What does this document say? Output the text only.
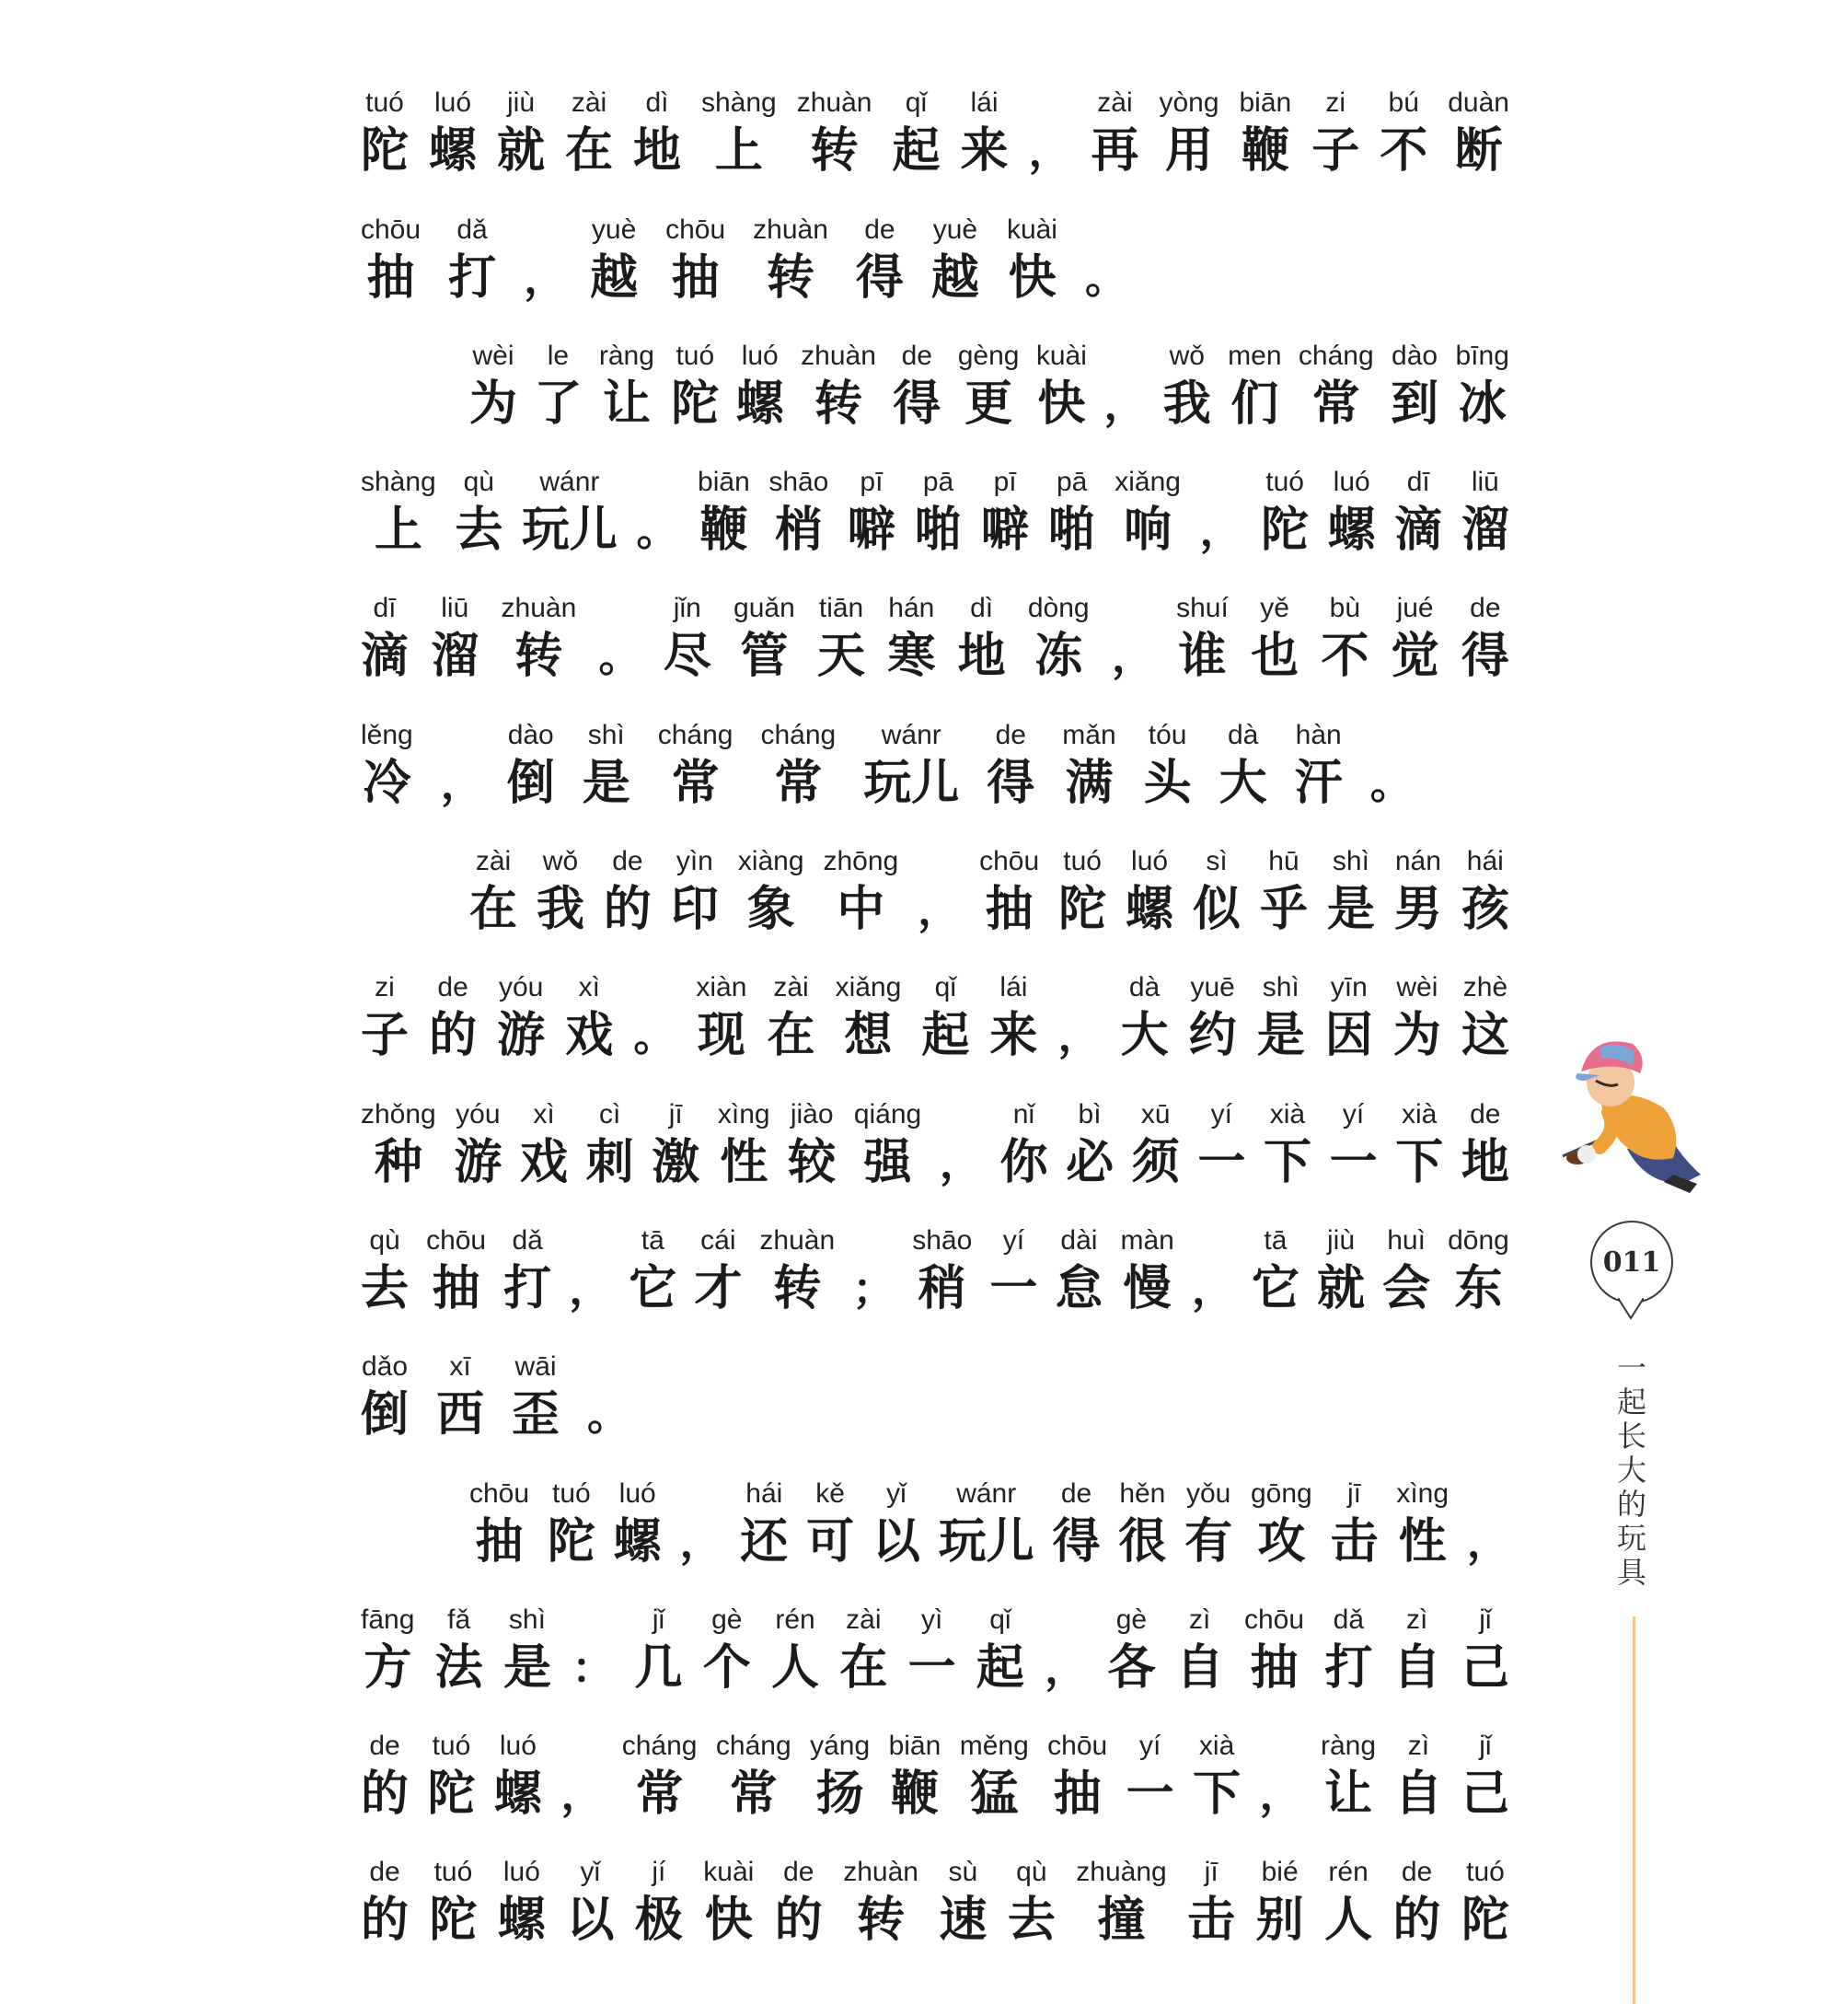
tuó
陀
luó
螺
jiù
就
zài
在
dì
地
shàng
上
zhuàn
转
qǐ
起
lái
来 ，
zài
再
yòng
用
biān
鞭
zi
子
bú
不
duàn
断
chōu
抽
dǎ
打 ，
yuè
越
chōu
抽
zhuàn
转
de
得
yuè
越
kuài
快 。
wèi
为
le
了
ràng
让
tuó
陀
luó
螺
zhuàn
转
de
得
gèng
更
kuài
快 ，
wǒ
我
men
们
cháng
常
dào
到
bīng
冰
shàng
上
qù
去
wánr
玩儿 。
biān
鞭
shāo
梢
pī
噼
pā
啪
pī
噼
pā
啪
xiǎng
响 ，
tuó
陀
luó
螺
dī
滴
liū
溜
dī
滴
liū
溜
zhuàn
转 。
jǐn
尽
guǎn
管
tiān
天
hán
寒
dì
地
dòng
冻 ，
shuí
谁
yě
也
bù
不
jué
觉
de
得
lěng
冷 ，
dào
倒
shì
是
cháng
常
cháng
常
wánr
玩儿
de
得
mǎn
满
tóu
头
dà
大
hàn
汗 。
zài
在
wǒ
我
de
的
yìn
印
xiàng
象
zhōng
中 ，
chōu
抽
tuó
陀
luó
螺
sì
似
hū
乎
shì
是
nán
男
hái
孩
zi
子
de
的
yóu
游
xì
戏 。
xiàn
现
zài
在
xiǎng
想
qǐ
起
lái
来 ，
dà
大
yuē
约
shì
是
yīn
因
wèi
为
zhè
这
zhǒng
种
yóu
游
xì
戏
cì
刺
jī
激
xìng
性
jiào
较
qiáng
强 ，
nǐ
你
bì
必
xū
须
yí
一
xià
下
yí
一
xià
下
de
地
qù
去
chōu
抽
dǎ
打 ，
tā
它
cái
才
zhuàn
转 ；
shāo
稍
yí
一
dài
怠
màn
慢 ，
tā
它
jiù
就
huì
会
dōng
东
dǎo
倒
xī
西
wāi
歪 。
chōu
抽
tuó
陀
luó
螺 ，
hái
还
kě
可
yǐ
以
wánr
玩儿
de
得
hěn
很
yǒu
有
gōng
攻
jī
击
xìng
性 ，
fāng
方
fǎ
法
shì
是 ：
jǐ
几
gè
个
rén
人
zài
在
yì
一
qǐ
起 ，
gè
各
zì
自
chōu
抽
dǎ
打
zì
自
jǐ
己
de
的
tuó
陀
luó
螺 ，
cháng
常
cháng
常
yáng
扬
biān
鞭
měng
猛
chōu
抽
yí
一
xià
下 ，
ràng
让
zì
自
jǐ
己
de
的
tuó
陀
luó
螺
yǐ
以
jí
极
kuài
快
de
的
zhuàn
转
sù
速
qù
去
zhuàng
撞
jī
击
bié
别
rén
人
de
的
tuó
陀
011
一起长大的玩具
